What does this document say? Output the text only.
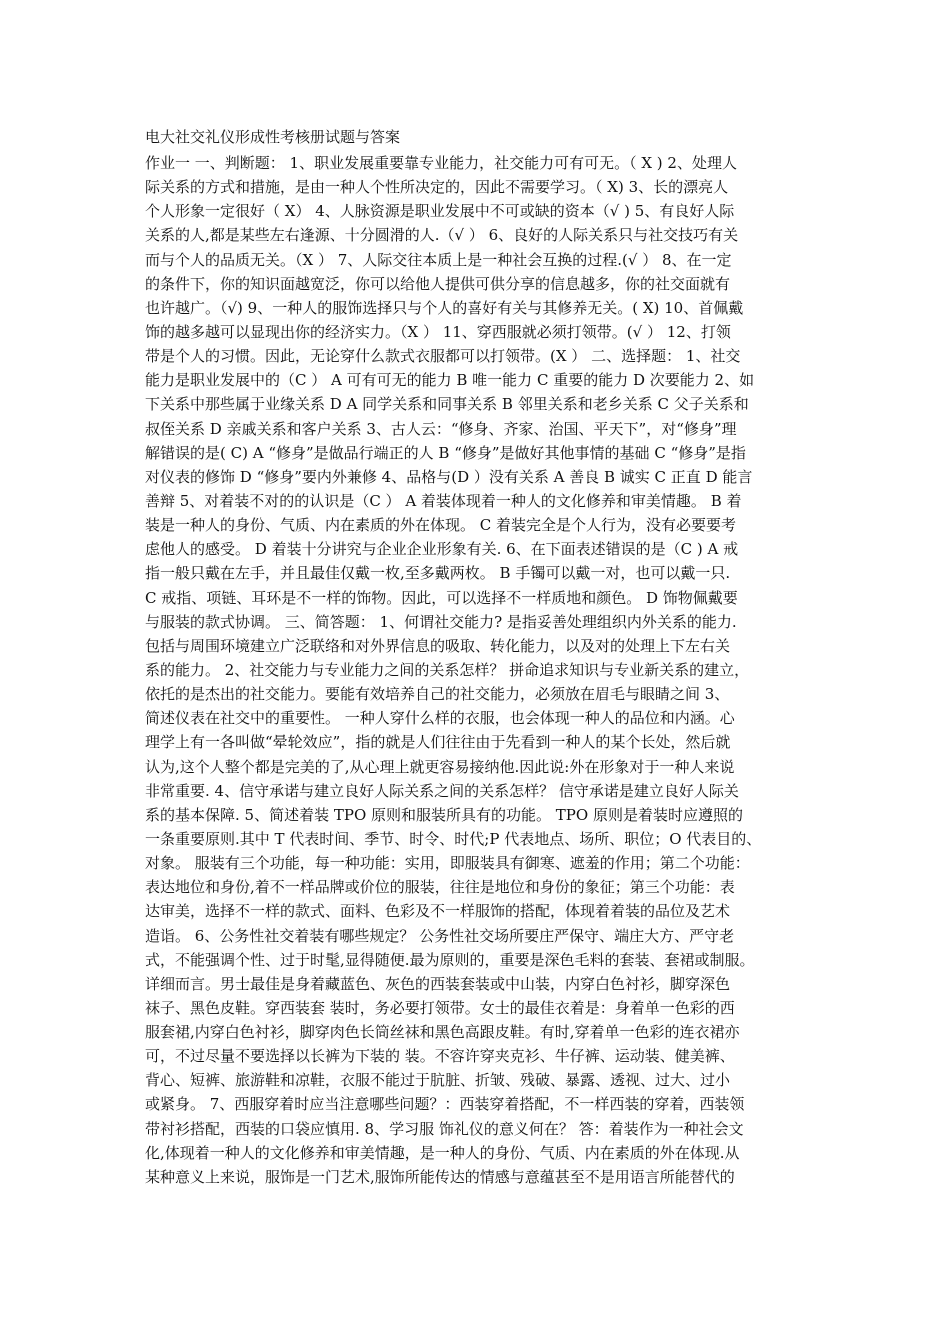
电大社交礼仪形成性考核册试题与答案
作业一 一、判断题： 1、职业发展重要靠专业能力，社交能力可有可无。（ X ) 2、处理人
际关系的方式和措施，是由一种人个性所决定的，因此不需要学习。（ X) 3、长的漂亮人
个人形象一定很好（ X） 4、人脉资源是职业发展中不可或缺的资本（√ ) 5、有良好人际
关系的人,都是某些左右逢源、十分圆滑的人.（√ ） 6、良好的人际关系只与社交技巧有关
而与个人的品质无关。（X ） 7、人际交往本质上是一种社会互换的过程.(√ ） 8、在一定
的条件下，你的知识面越宽泛，你可以给他人提供可供分享的信息越多，你的社交面就有
也许越广。（√) 9、一种人的服饰选择只与个人的喜好有关与其修养无关。( X) 10、首佩戴
饰的越多越可以显现出你的经济实力。（X ） 11、穿西服就必须打领带。(√ ） 12、打领
带是个人的习惯。因此，无论穿什么款式衣服都可以打领带。(X ） 二、选择题： 1、社交
能力是职业发展中的（C ） A 可有可无的能力 B 唯一能力 C 重要的能力 D 次要能力 2、如
下关系中那些属于业缘关系 D A 同学关系和同事关系 B 邻里关系和老乡关系 C 父子关系和
叔侄关系 D 亲戚关系和客户关系 3、古人云：“修身、齐家、治国、平天下”，对“修身”理
解错误的是( C) A “修身”是做品行端正的人 B “修身”是做好其他事情的基础 C “修身”是指
对仪表的修饰 D “修身”要内外兼修 4、品格与(D ）没有关系 A 善良 B 诚实 C 正直 D 能言
善辩 5、对着装不对的的认识是（C ） A 着装体现着一种人的文化修养和审美情趣。 B 着
装是一种人的身份、气质、内在素质的外在体现。 C 着装完全是个人行为，没有必要要考
虑他人的感受。 D 着装十分讲究与企业企业形象有关. 6、在下面表述错误的是（C ) A 戒
指一般只戴在左手，并且最佳仅戴一枚,至多戴两枚。 B 手镯可以戴一对，也可以戴一只.
C 戒指、项链、耳环是不一样的饰物。因此，可以选择不一样质地和颜色。 D 饰物佩戴要
与服装的款式协调。 三、简答题： 1、何谓社交能力? 是指妥善处理组织内外关系的能力.
包括与周围环境建立广泛联络和对外界信息的吸取、转化能力，以及对的处理上下左右关
系的能力。 2、社交能力与专业能力之间的关系怎样？ 拼命追求知识与专业新关系的建立，
依托的是杰出的社交能力。要能有效培养自己的社交能力，必须放在眉毛与眼睛之间 3、
简述仪表在社交中的重要性。 一种人穿什么样的衣服，也会体现一种人的品位和内涵。心
理学上有一各叫做“晕轮效应”，指的就是人们往往由于先看到一种人的某个长处，然后就
认为,这个人整个都是完美的了,从心理上就更容易接纳他.因此说:外在形象对于一种人来说
非常重要. 4、信守承诺与建立良好人际关系之间的关系怎样？ 信守承诺是建立良好人际关
系的基本保障. 5、简述着装 TPO 原则和服装所具有的功能。 TPO 原则是着装时应遵照的
一条重要原则.其中 T 代表时间、季节、时令、时代;P 代表地点、场所、职位；O 代表目的、
对象。 服装有三个功能，每一种功能：实用，即服装具有御寒、遮羞的作用；第二个功能：
表达地位和身份,着不一样品牌或价位的服装，往往是地位和身份的象征；第三个功能：表
达审美，选择不一样的款式、面料、色彩及不一样服饰的搭配，体现着着装的品位及艺术
造诣。 6、公务性社交着装有哪些规定？ 公务性社交场所要庄严保守、端庄大方、严守老
式，不能强调个性、过于时髦,显得随便.最为原则的，重要是深色毛料的套装、套裙或制服。
详细而言。男士最佳是身着藏蓝色、灰色的西装套装或中山装，内穿白色衬衫，脚穿深色
袜子、黑色皮鞋。穿西装套 装时，务必要打领带。女士的最佳衣着是：身着单一色彩的西
服套裙,内穿白色衬衫，脚穿肉色长筒丝袜和黑色高跟皮鞋。有时,穿着单一色彩的连衣裙亦
可，不过尽量不要选择以长裤为下装的 装。不容许穿夹克衫、牛仔裤、运动装、健美裤、
背心、短裤、旅游鞋和凉鞋，衣服不能过于肮脏、折皱、残破、暴露、透视、过大、过小
或紧身。 7、西服穿着时应当注意哪些问题？：西装穿着搭配，不一样西装的穿着，西装领
带衬衫搭配，西装的口袋应慎用. 8、学习服 饰礼仪的意义何在？ 答：着装作为一种社会文
化,体现着一种人的文化修养和审美情趣，是一种人的身份、气质、内在素质的外在体现.从
某种意义上来说，服饰是一门艺术,服饰所能传达的情感与意蕴甚至不是用语言所能替代的
